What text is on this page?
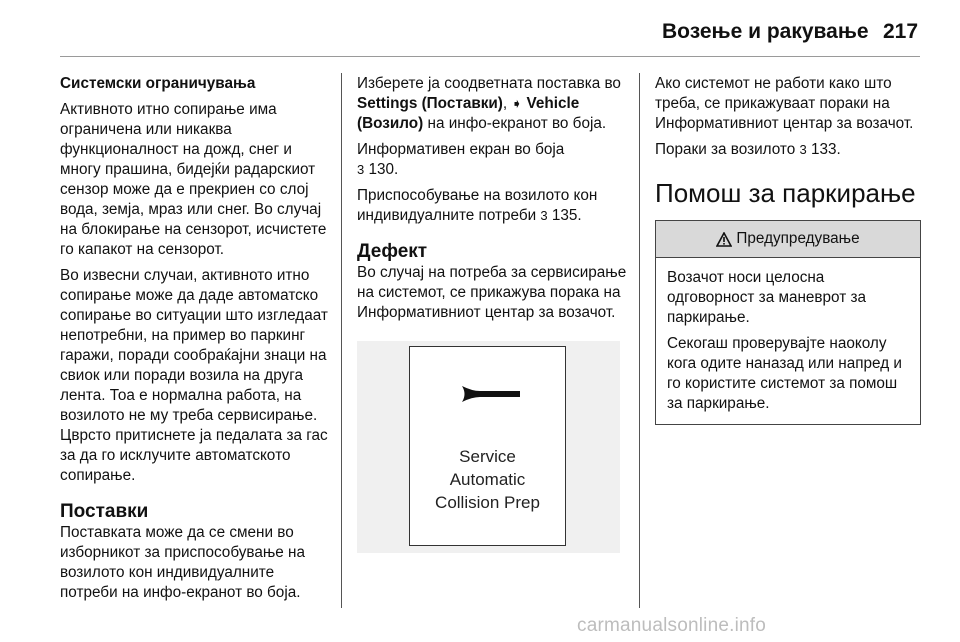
Возење и ракување 217

Системски ограничувања

Активното итно сопирање има ограничена или никаква функционалност на дожд, снег и многу прашина, бидејќи радарскиот сензор може да е прекриен со слој вода, земја, мраз или снег. Во случај на блокирање на сензорот, исчистете го капакот на сензорот.

Во извесни случаи, активното итно сопирање може да даде автоматско сопирање во ситуации што изгледаат непотребни, на пример во паркинг гаражи, поради сообраќајни знаци на свиок или поради возила на друга лента. Тоа е нормална работа, на возилото не му треба сервисирање. Цврсто притиснете ја педалата за гас за да го исклучите автоматскoто сопирање.

Поставки

Поставката може да се смени во изборникот за приспособување на возилото кон индивидуалните потреби на инфо-екранот во боја.

Изберете ја соодветната поставка во Settings (Поставки), ➧ Vehicle (Возило) на инфо-екранот во боја.

Информативен екран во боја
3 130.

Приспособување на возилото кон индивидуалните потреби 3 135.

Дефект

Во случај на потреба за сервисирање на системот, се прикажува порака на Информативниот центар за возачот.

Service
Automatic
Collision Prep

Ако системот не работи како што треба, се прикажуваат пораки на Информативниот центар за возачот.

Пораки за возилото 3 133.

Помош за паркирање
Предупредување

Возачот носи целосна одговорност за маневрот за паркирање.

Секогаш проверувајте наоколу кога одите наназад или напред и го користите системот за помош за паркирање.

carmanualsonline.info
